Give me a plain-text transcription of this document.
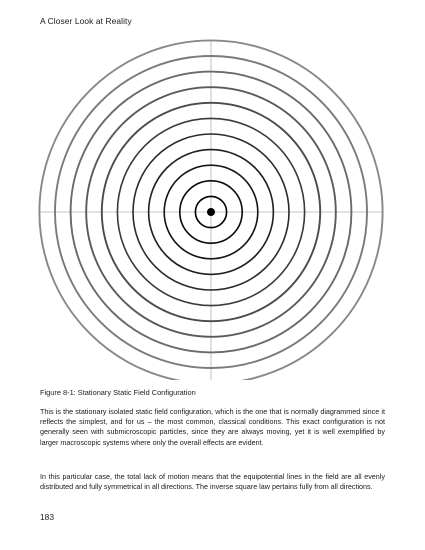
A Closer Look at Reality
Figure 8-1: Stationary Static Field Configuration

This is the stationary isolated static field configuration, which is the one that is normally diagrammed since it reflects the simplest, and for us – the most common, classical conditions. This exact configuration is not generally seen with submicroscopic particles, since they are always moving, yet it is well exemplified by larger macroscopic systems where only the overall effects are evident.

In this particular case, the total lack of motion means that the equipotential lines in the field are all evenly distributed and fully symmetrical in all directions. The inverse square law pertains fully from all directions.

183
